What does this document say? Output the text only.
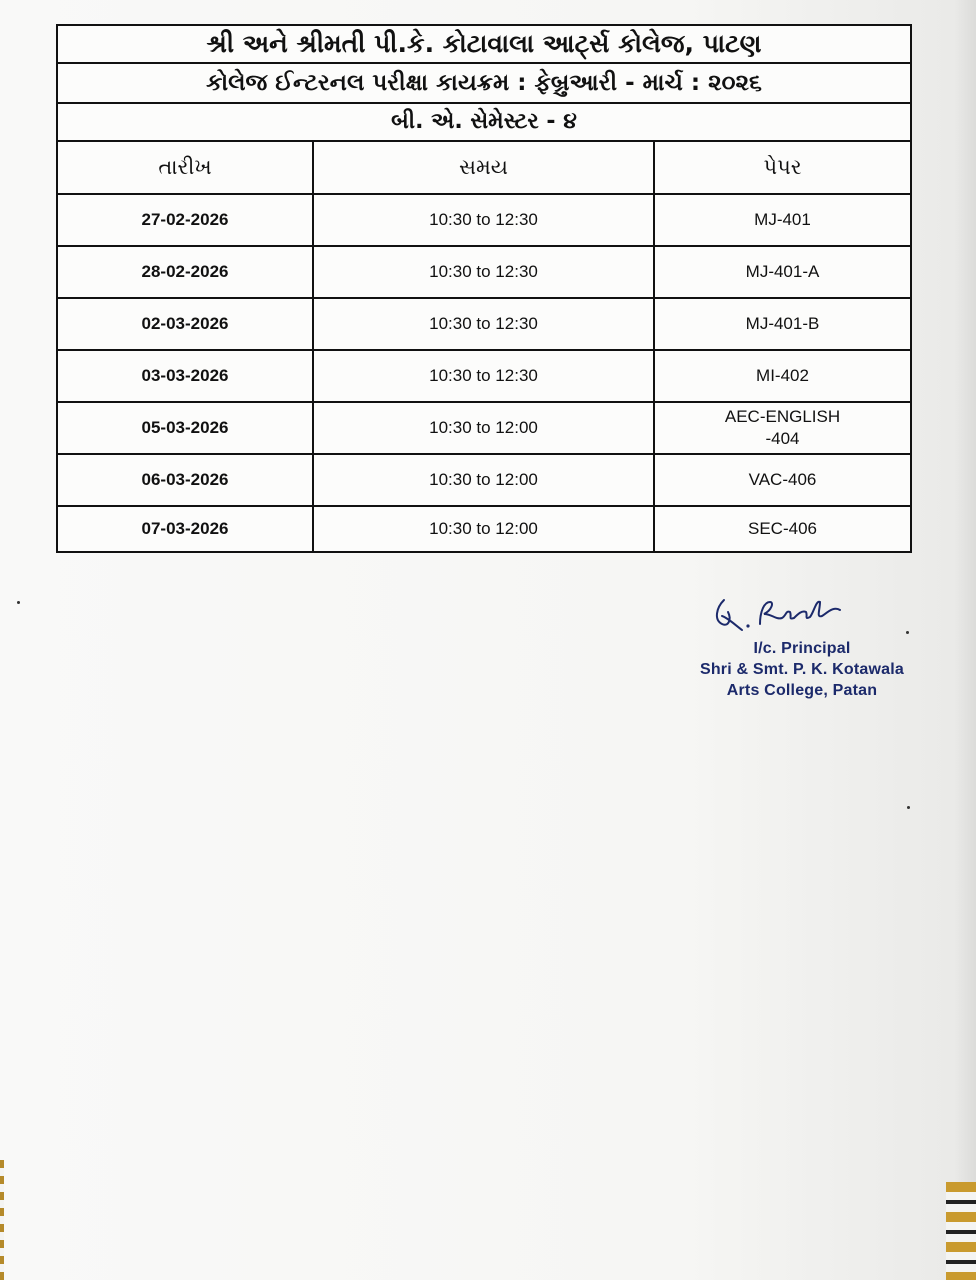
શ્રી અને શ્રીમતી પી.કે. કોટાવાલા આર્ટ્સ કોલેજ, પાટણ
કોલેજ ઈન્ટરનલ પરીક્ષા કાયક્રમ : ફેબ્રુઆરી - માર્ચ : ૨૦૨૬
બી. એ. સેમેસ્ટર - ૪
તારીખ	સમય	પેપર
27-02-2026	10:30 to 12:30	MJ-401
28-02-2026	10:30 to 12:30	MJ-401-A
02-03-2026	10:30 to 12:30	MJ-401-B
03-03-2026	10:30 to 12:30	MI-402
05-03-2026	10:30 to 12:00	AEC-ENGLISH
-404

06-03-2026	10:30 to 12:00	VAC-406
07-03-2026	10:30 to 12:00	SEC-406
I/c. Principal
Shri & Smt. P. K. Kotawala
Arts College, Patan
